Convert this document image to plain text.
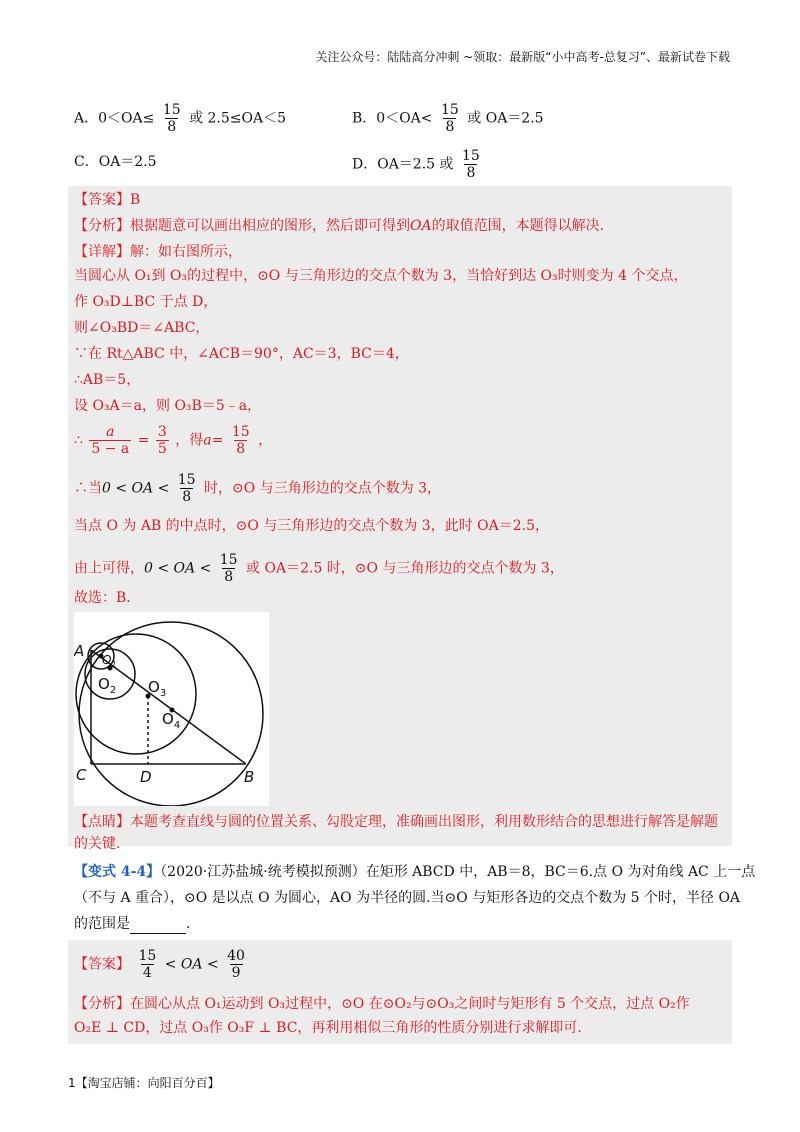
关注公众号：陆陆高分冲刺 ~领取：最新版“小中高考-总复习”、最新试卷下载
A．$0<OA\le \frac{15}{8}$ 或 2.5≤OA＜5	B．$0<OA< \frac{15}{8}$ 或 OA＝2.5
C．OA＝2.5	D．OA＝2.5 或 $\frac{15}{8}$
【答案】B
【分析】根据题意可以画出相应的图形，然后即可得到OA的取值范围，本题得以解决.
【详解】解：如右图所示，
当圆心从 O₁到 O₃的过程中，⊙O 与三角形边的交点个数为 3，当恰好到达 O₃时则变为 4 个交点，
作 O₃D⊥BC 于点 D，
则∠O₃BD＝∠ABC，
∵在 Rt△ABC 中，∠ACB＝90°，AC＝3，BC＝4，
∴AB＝5，
设 O₃A＝a，则 O₃B＝5﹣a，
∴ $\frac{a}{5 - a} = \frac{3}{5}$ ，得$a= \frac{15}{8}$ ，
∴当0 < OA < $\frac{15}{8}$ 时，⊙O 与三角形边的交点个数为 3，
当点 O 为 AB 的中点时，⊙O 与三角形边的交点个数为 3，此时 OA＝2.5，
由上可得，0 < OA < $\frac{15}{8}$ 或 OA＝2.5 时，⊙O 与三角形边的交点个数为 3，
故选：B．
A $O_1$
$O_2$ $O_3$
$O_4$
C	D	B
【点睛】本题考查直线与圆的位置关系、勾股定理，准确画出图形，利用数形结合的思想进行解答是解题
的关键.
【变式 4-4】（2020·江苏盐城·统考模拟预测）在矩形 ABCD 中，AB＝8，BC＝6.点 O 为对角线 AC 上一点
（不与 A 重合），⊙O 是以点 O 为圆心，AO 为半径的圆.当⊙O 与矩形各边的交点个数为 5 个时，半径 OA
的范围是	.
【答案】 $\frac{15}{4}$ < OA < $\frac{40}{9}$
【分析】在圆心从点 O₁运动到 O₃过程中，⊙O 在⊙O₂与⊙O₃之间时与矩形有 5 个交点，过点 O₂作
O₂E ⊥ CD，过点 O₃作 O₃F ⊥ BC，再利用相似三角形的性质分别进行求解即可.
1【淘宝店铺：向阳百分百】
